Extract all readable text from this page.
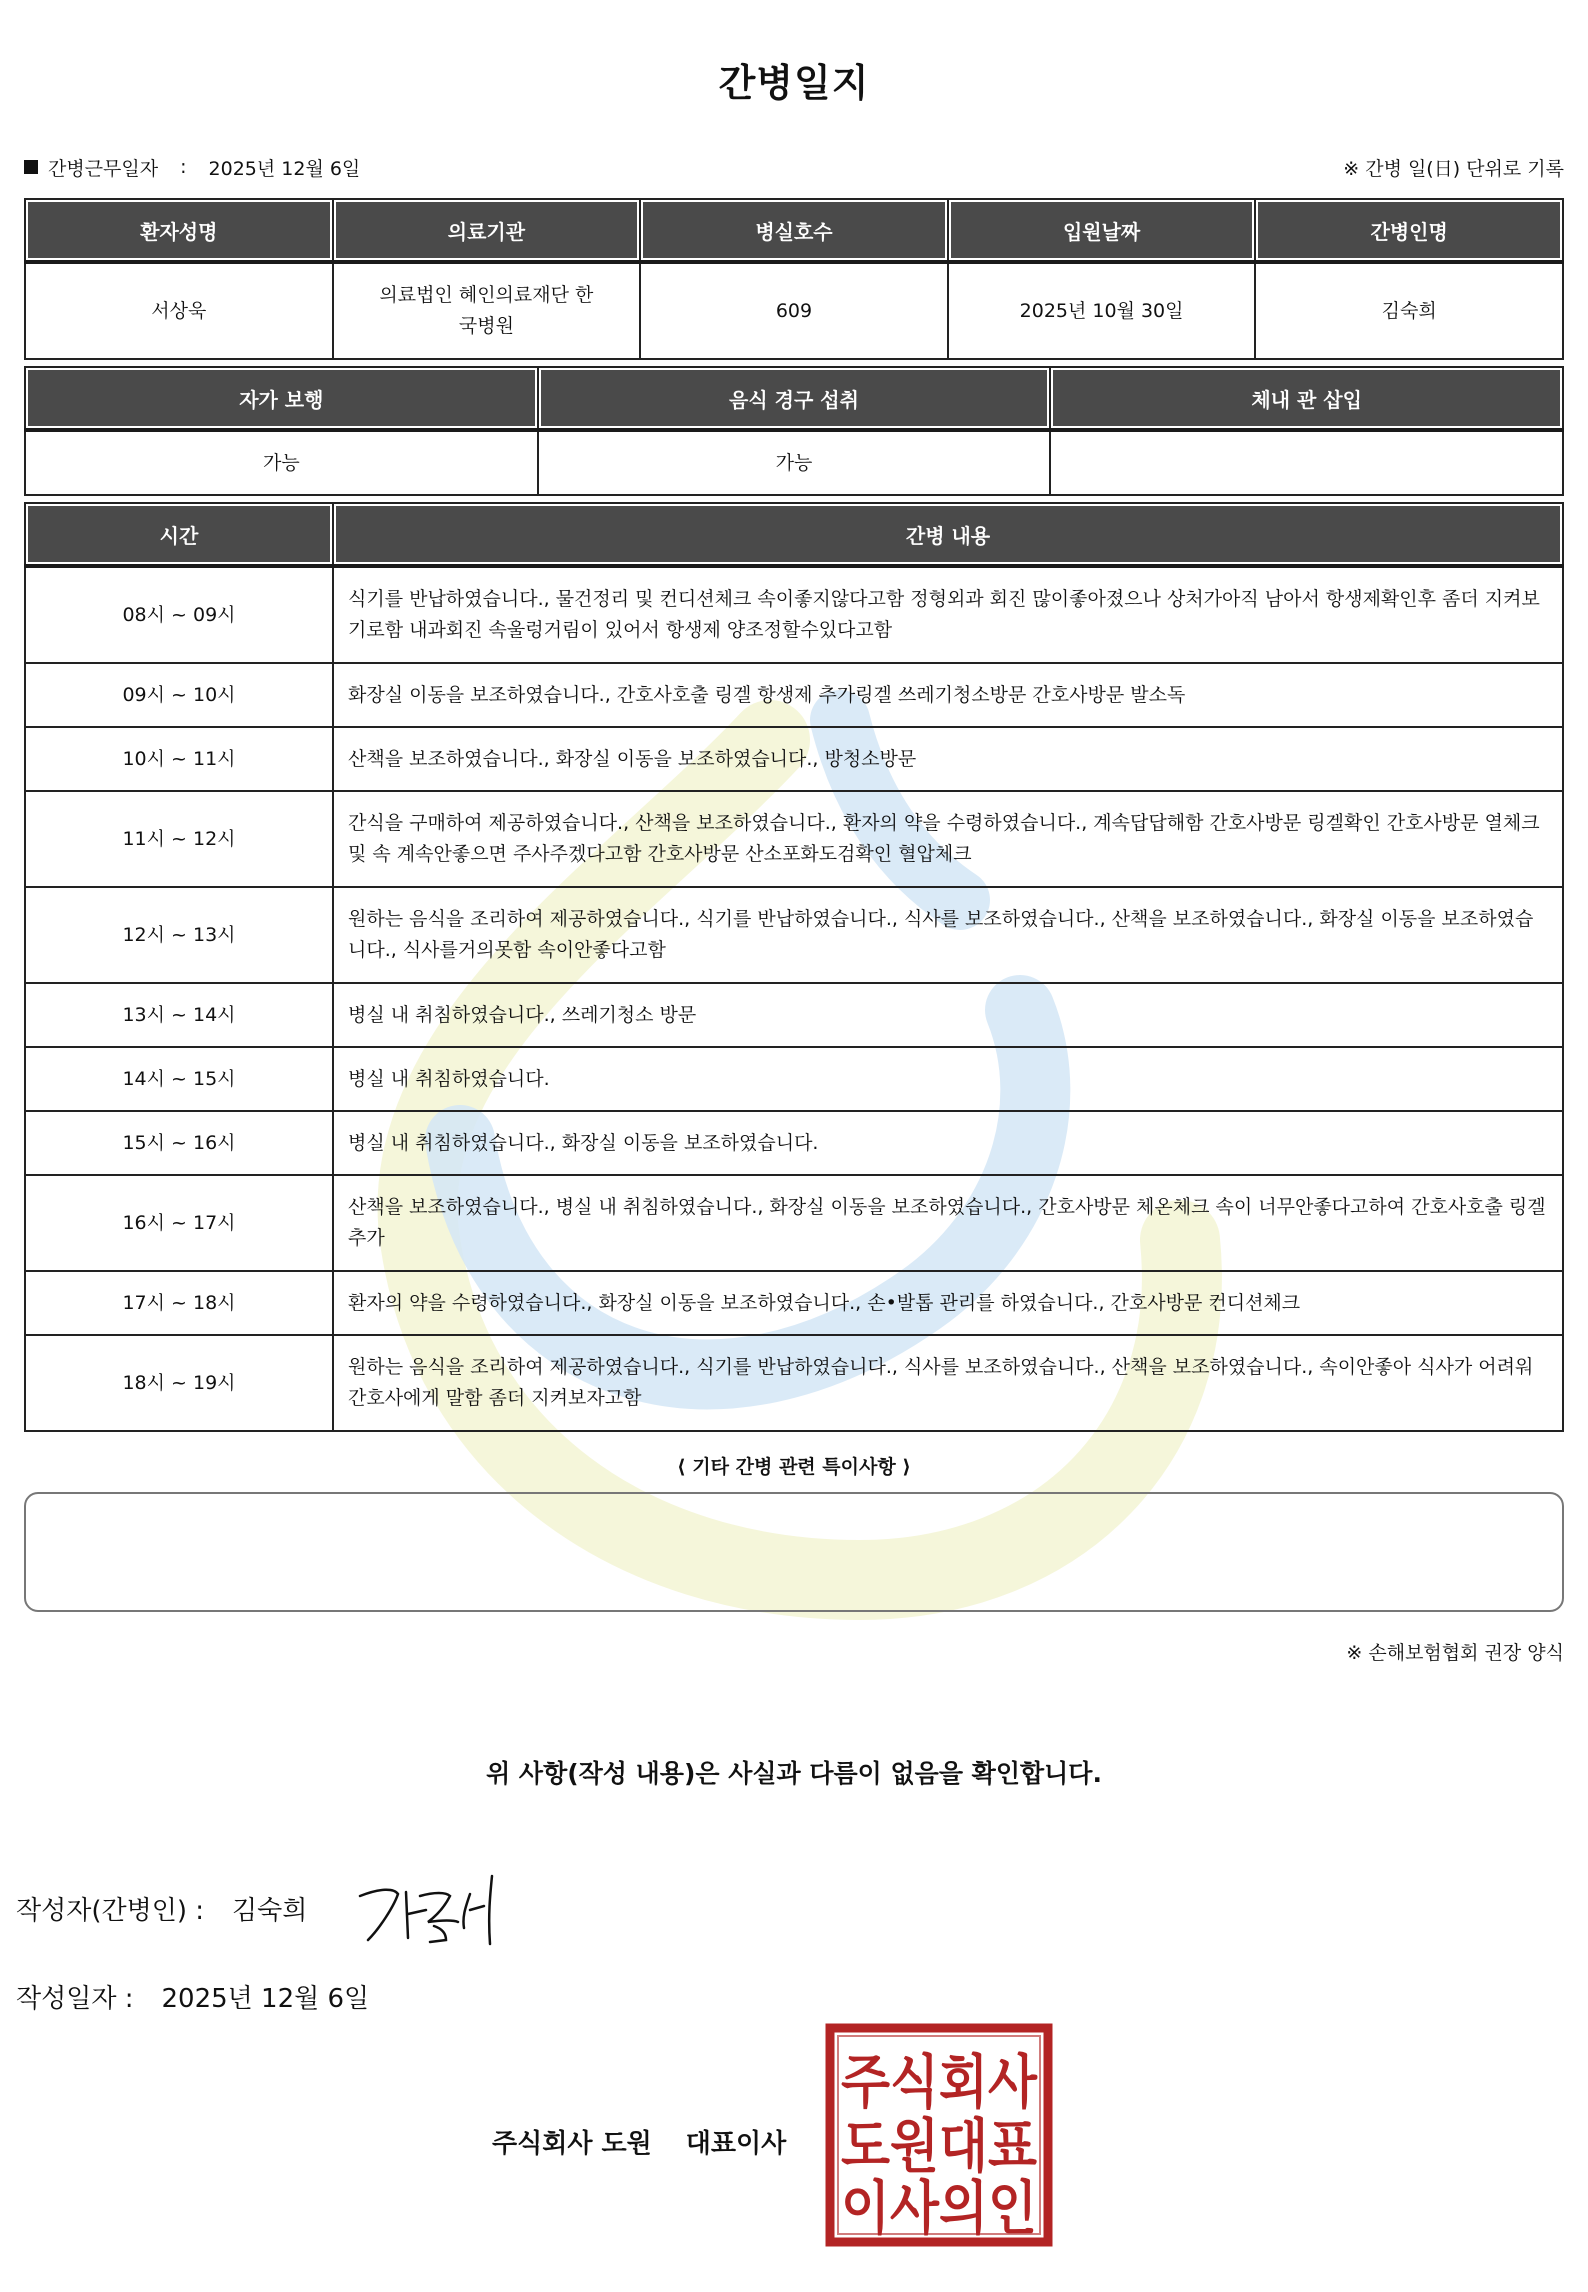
간병일지
간병근무일자 : 2025년 12월 6일	※ 간병 일(日) 단위로 기록
환자성명	의료기관	병실호수	입원날짜	간병인명
서상욱	의료법인 혜인의료재단 한국병원	609	2025년 10월 30일	김숙희
자가 보행	음식 경구 섭취	체내 관 삽입
가능	가능	
시간	간병 내용
08시 ~ 09시	식기를 반납하였습니다., 물건정리 및 컨디션체크 속이좋지않다고함 정형외과 회진 많이좋아졌으나 상처가아직 남아서 항생제확인후 좀더 지켜보기로함 내과회진 속울렁거림이 있어서 항생제 양조정할수있다고함
09시 ~ 10시	화장실 이동을 보조하였습니다., 간호사호출 링겔 항생제 추가링겔 쓰레기청소방문 간호사방문 발소독
10시 ~ 11시	산책을 보조하였습니다., 화장실 이동을 보조하였습니다., 방청소방문
11시 ~ 12시	간식을 구매하여 제공하였습니다., 산책을 보조하였습니다., 환자의 약을 수령하였습니다., 계속답답해함 간호사방문 링겔확인 간호사방문 열체크및 속 계속안좋으면 주사주겠다고함 간호사방문 산소포화도검확인 혈압체크
12시 ~ 13시	원하는 음식을 조리하여 제공하였습니다., 식기를 반납하였습니다., 식사를 보조하였습니다., 산책을 보조하였습니다., 화장실 이동을 보조하였습니다., 식사를거의못함 속이안좋다고함
13시 ~ 14시	병실 내 취침하였습니다., 쓰레기청소 방문
14시 ~ 15시	병실 내 취침하였습니다.
15시 ~ 16시	병실 내 취침하였습니다., 화장실 이동을 보조하였습니다.
16시 ~ 17시	산책을 보조하였습니다., 병실 내 취침하였습니다., 화장실 이동을 보조하였습니다., 간호사방문 체온체크 속이 너무안좋다고하여 간호사호출 링겔추가
17시 ~ 18시	환자의 약을 수령하였습니다., 화장실 이동을 보조하였습니다., 손•발톱 관리를 하였습니다., 간호사방문 컨디션체크
18시 ~ 19시	원하는 음식을 조리하여 제공하였습니다., 식기를 반납하였습니다., 식사를 보조하였습니다., 산책을 보조하였습니다., 속이안좋아 식사가 어려워 간호사에게 말함 좀더 지켜보자고함
⟨ 기타 간병 관련 특이사항 ⟩
※ 손해보험협회 권장 양식
위 사항(작성 내용)은 사실과 다름이 없음을 확인합니다.
작성자(간병인) : 김숙희
작성일자 : 2025년 12월 6일
주식회사 도원 대표이사
주식회사
도원대표
이사의인
